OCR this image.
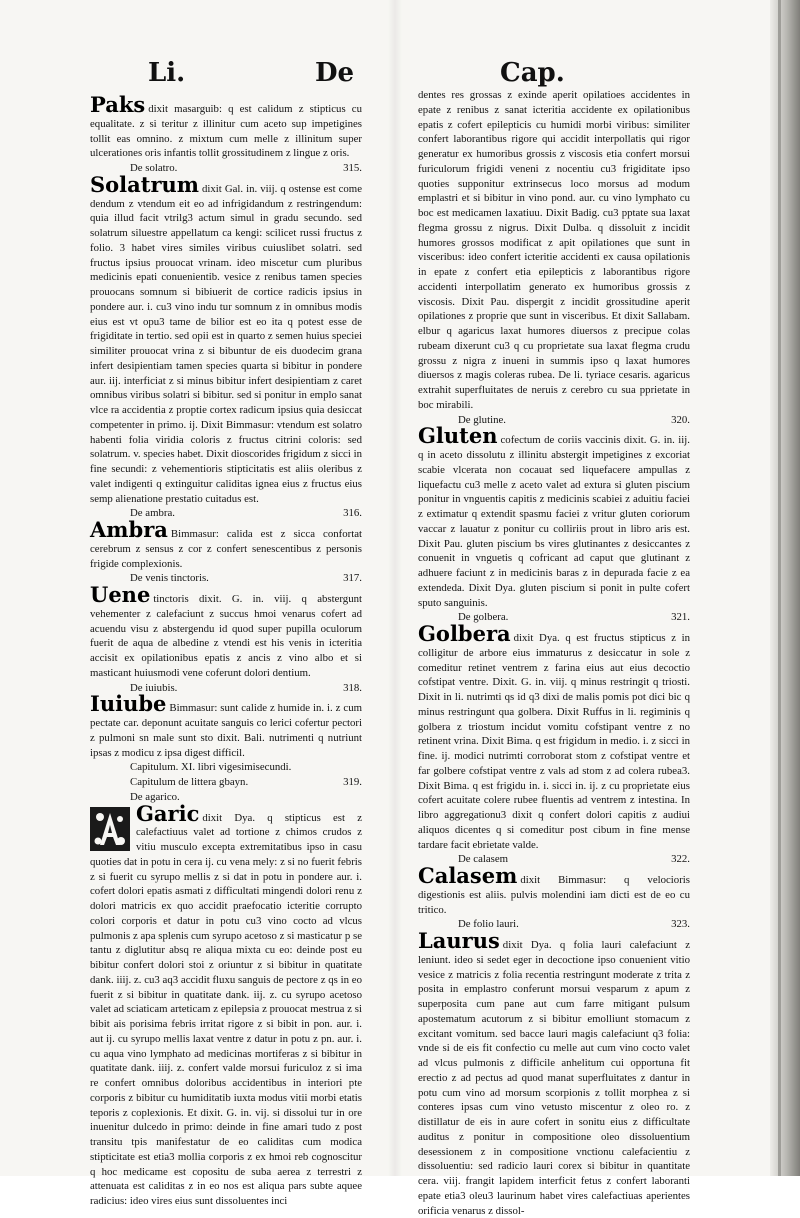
Li.	De	Cap.

Paks dixit masarguib: q est calidum z stipticus cu equalitate. z si teritur z illinitur cum aceto sup impetigines tollit eas omnino. z mixtum cum melle z illinitum super ulcerationes oris infantis tollit grossitudinem z lingue z oris.

315.
De solatro.

Solatrum dixit Gal. in. viij. q ostense est come dendum z vtendum eit eo ad infrigidandum z restringendum: quia illud facit vtrilg3 actum simul in gradu secundo. sed solatrum siluestre appellatum ca kengi: scilicet russi fructus z folio. 3 habet vires similes viribus cuiuslibet solatri. sed fructus ipsius prouocat vrinam. ideo miscetur cum pluribus medicinis epati conuenientib. vesice z renibus tamen species prouocans somnum si bibiuerit de cortice radicis ipsius in pondere aur. i. cu3 vino indu tur somnum z in omnibus modis eius est vt opu3 tame de bilior est eo ita q potest esse de frigiditate in tertio. sed opii est in quarto z semen huius speciei similiter prouocat vrina z si bibuntur de eis duodecim grana infert desipientiam tamen species quarta si bibitur in pondere aur. iij. interficiat z si minus bibitur infert desipientiam z caret omnibus viribus solatri si bibitur. sed si ponitur in emplo sanat vlce ra accidentia z proptie cortex radicum ipsius quia desiccat competenter in primo. ij. Dixit Bimmasur: vtendum est solatro habenti folia viridia coloris z fructus citrini coloris: sed solatrum. v. species habet. Dixit dioscorides frigidum z sicci in fine secundi: z vehementioris stipticitatis est aliis oleribus z valet indigenti q extinguitur caliditas ignea eius z fructus eius semp alienatione prestatio cuitadus est.

316.
De ambra.

Ambra Bimmasur: calida est z sicca confortat cerebrum z sensus z cor z confert senescentibus z personis frigide complexionis.

317.
De venis tinctoris.

Uene tinctoris dixit. G. in. viij. q abstergunt vehementer z calefaciunt z succus hmoi venarus cofert ad acuendu visu z abstergendu id quod super pupilla oculorum fuerit de aqua de albedine z vtendi est his venis in icteritia accisit ex opilationibus epatis z ancis z vino albo et si masticant huiusmodi vene coferunt dolori dentium.

318.
De iuiubis.

Iuiube Bimmasur: sunt calide z humide in. i. z cum pectate car. deponunt acuitate sanguis co lerici cofertur pectori z pulmoni sn male sunt sto dixit. Bali. nutrimenti q nutriunt ipsas z modicu z ipsa digest difficil.

Capitulum. XI. libri vigesimisecundi.
319.
Capitulum de littera gbayn.
De agarico.

Garic dixit Dya. q stipticus est z calefactiuus valet ad tortione z chimos crudos z vitiu musculo excepta extremitatibus ipso in casu quoties dat in potu in cera ij. cu vena mely: z si no fuerit febris z si fuerit cu syrupo mellis z si dat in potu in pondere aur. i. cofert dolori epatis asmati z difficultati mingendi dolori renu z dolori matricis ex quo accidit praefocatio icteritie corrupto colori corporis et datur in potu cu3 vino cocto ad vlcus pulmonis z apa splenis cum syrupo acetoso z si masticatur p se tantu z diglutitur absq re aliqua mixta cu eo: deinde post eu bibitur confert dolori stoi z oriuntur z si bibitur in quatitate dank. iiij. z. cu3 aq3 accidit fluxu sanguis de pectore z qs in eo fuerit z si bibitur in quatitate dank. iij. z. cu syrupo acetoso valet ad sciaticam arteticam z epilepsia z prouocat mestrua z si bibit ais porisima febris irritat rigore z si bibit in pon. aur. i. aut ij. cu syrupo mellis laxat ventre z datur in potu z pn. aur. i. cu aqua vino lymphato ad medicinas mortiferas z si bibitur in quatitate dank. iiij. z. confert valde morsui furiculoz z si ima re confert omnibus doloribus accidentibus in interiori pte corporis z bibitur cu humiditatib iuxta modus vitii morbi etatis teporis z coplexionis. Et dixit. G. in. vij. si dissolui tur in ore inuenitur dulcedo in primo: deinde in fine amari tudo z post transitu tpis manifestatur de eo caliditas cum modica stipticitate est etia3 mollia corporis z ex hmoi reb cognoscitur q hoc medicame est copositu de suba aerea z terrestri z attenuata est caliditas z in eo nos est aliqua pars subte aquee radicius: ideo vires eius sunt dissoluentes inci

dentes res grossas z exinde aperit opilatioes accidentes in epate z renibus z sanat icteritia accidente ex opilationibus epatis z cofert epilepticis cu humidi morbi viribus: similiter confert laborantibus rigore qui accidit interpollatis qui rigor generatur ex humoribus grossis z viscosis etia confert morsui furiculorum frigidi veneni z nocentiu cu3 frigiditate ipso quoties supponitur extrinsecus loco morsus ad modum emplastri et si bibitur in vino pond. aur. cu vino lymphato cu boc est medicamen laxatiuu. Dixit Badig. cu3 pptate sua laxat flegma grossu z nigrus. Dixit Dulba. q dissoluit z incidit humores grossos modificat z apit opilationes que sunt in visceribus: ideo confert icteritie accidenti ex causa opilationis in epate z confert etia epilepticis z laborantibus rigore accidenti interpollatim generato ex humoribus grossis z viscosis. Dixit Pau. dispergit z incidit grossitudine aperit opilationes z proprie que sunt in visceribus. Et dixit Sallabam. elbur q agaricus laxat humores diuersos z precipue colas rubeam dixerunt cu3 q cu proprietate sua laxat flegma crudu grossu z nigra z inueni in summis ipso q laxat humores diuersos z magis coleras rubea. De li. tyriace cesaris. agaricus extrahit superfluitates de neruis z cerebro cu sua pprietate in boc mirabili.

320.
De glutine.

Gluten cofectum de coriis vaccinis dixit. G. in. iij. q in aceto dissolutu z illinitu abstergit impetigines z excoriat scabie vlcerata non cocauat sed liquefacere ampullas z liquefactu cu3 melle z aceto valet ad extura si gluten piscium ponitur in vnguentis capitis z medicinis scabiei z aduitiu faciei z extimatur q extendit spasmu faciei z vritur gluten coriorum vaccar z lauatur z ponitur cu colliriis prout in libro aris est. Dixit Pau. gluten piscium bs vires glutinantes z desiccantes z conuenit in vnguetis q cofricant ad caput que glutinant z adhuere faciunt z in medicinis baras z in depurada facie z ea extendeda. Dixit Dya. gluten piscium si ponit in pulte cofert sputo sanguinis.

321.
De golbera.

Golbera dixit Dya. q est fructus stipticus z in colligitur de arbore eius immaturus z desiccatur in sole z comeditur retinet ventrem z farina eius aut eius decoctio cofstipat ventre. Dixit. G. in. viij. q minus restringit q triosti. Dixit in li. nutrimti qs id q3 dixi de malis pomis pot dici bic q minus restringunt qua golbera. Dixit Ruffus in li. regiminis q golbera z triostum incidut vomitu cofstipant ventre z no retinent vrina. Dixit Bima. q est frigidum in medio. i. z sicci in fine. ij. modici nutrimti corroborat stom z cofstipat ventre et far golbere cofstipat ventre z vals ad stom z ad colera rubea3. Dixit Bima. q est frigidu in. i. sicci in. ij. z cu proprietate eius cofert acuitate colere rubee fluentis ad ventrem z intestina. In libro aggregationu3 dixit q confert dolori capitis z audiui aliquos dicentes q si comeditur post cibum in fine mense tardare facit ebrietate valde.

322.
De calasem

Calasem dixit Bimmasur: q velocioris digestionis est aliis. pulvis molendini iam dicti est de eo cu tritico.

323.
De folio lauri.

Laurus dixit Dya. q folia lauri calefaciunt z leniunt. ideo si sedet eger in decoctione ipso conuenient vitio vesice z matricis z folia recentia restringunt moderate z trita z posita in emplastro conferunt morsui vesparum z apum z superposita cum pane aut cum farre mitigant pulsum apostematum acutorum z si bibitur emolliunt stomacum z excitant vomitum. sed bacce lauri magis calefaciunt q3 folia: vnde si de eis fit confectio cu melle aut cum vino cocto valet ad vlcus pulmonis z difficile anhelitum cui opportuna fit erectio z ad pectus ad quod manat superfluitates z dantur in potu cum vino ad morsum scorpionis z tollit morphea z si conteres ipsas cum vino vetusto miscentur z oleo ro. z distillatur de eis in aure cofert in sonitu eius z difficultate auditus z ponitur in compositione oleo dissoluentium desessionem z in compositione vnctionu calefacientiu z dissoluentiu: sed radicio lauri corex si bibitur in quantitate cera. viij. frangit lapidem interficit fetus z confert laboranti epate etia3 oleu3 laurinum habet vires calefactiuas aperientes orificia venarus z dissol-
